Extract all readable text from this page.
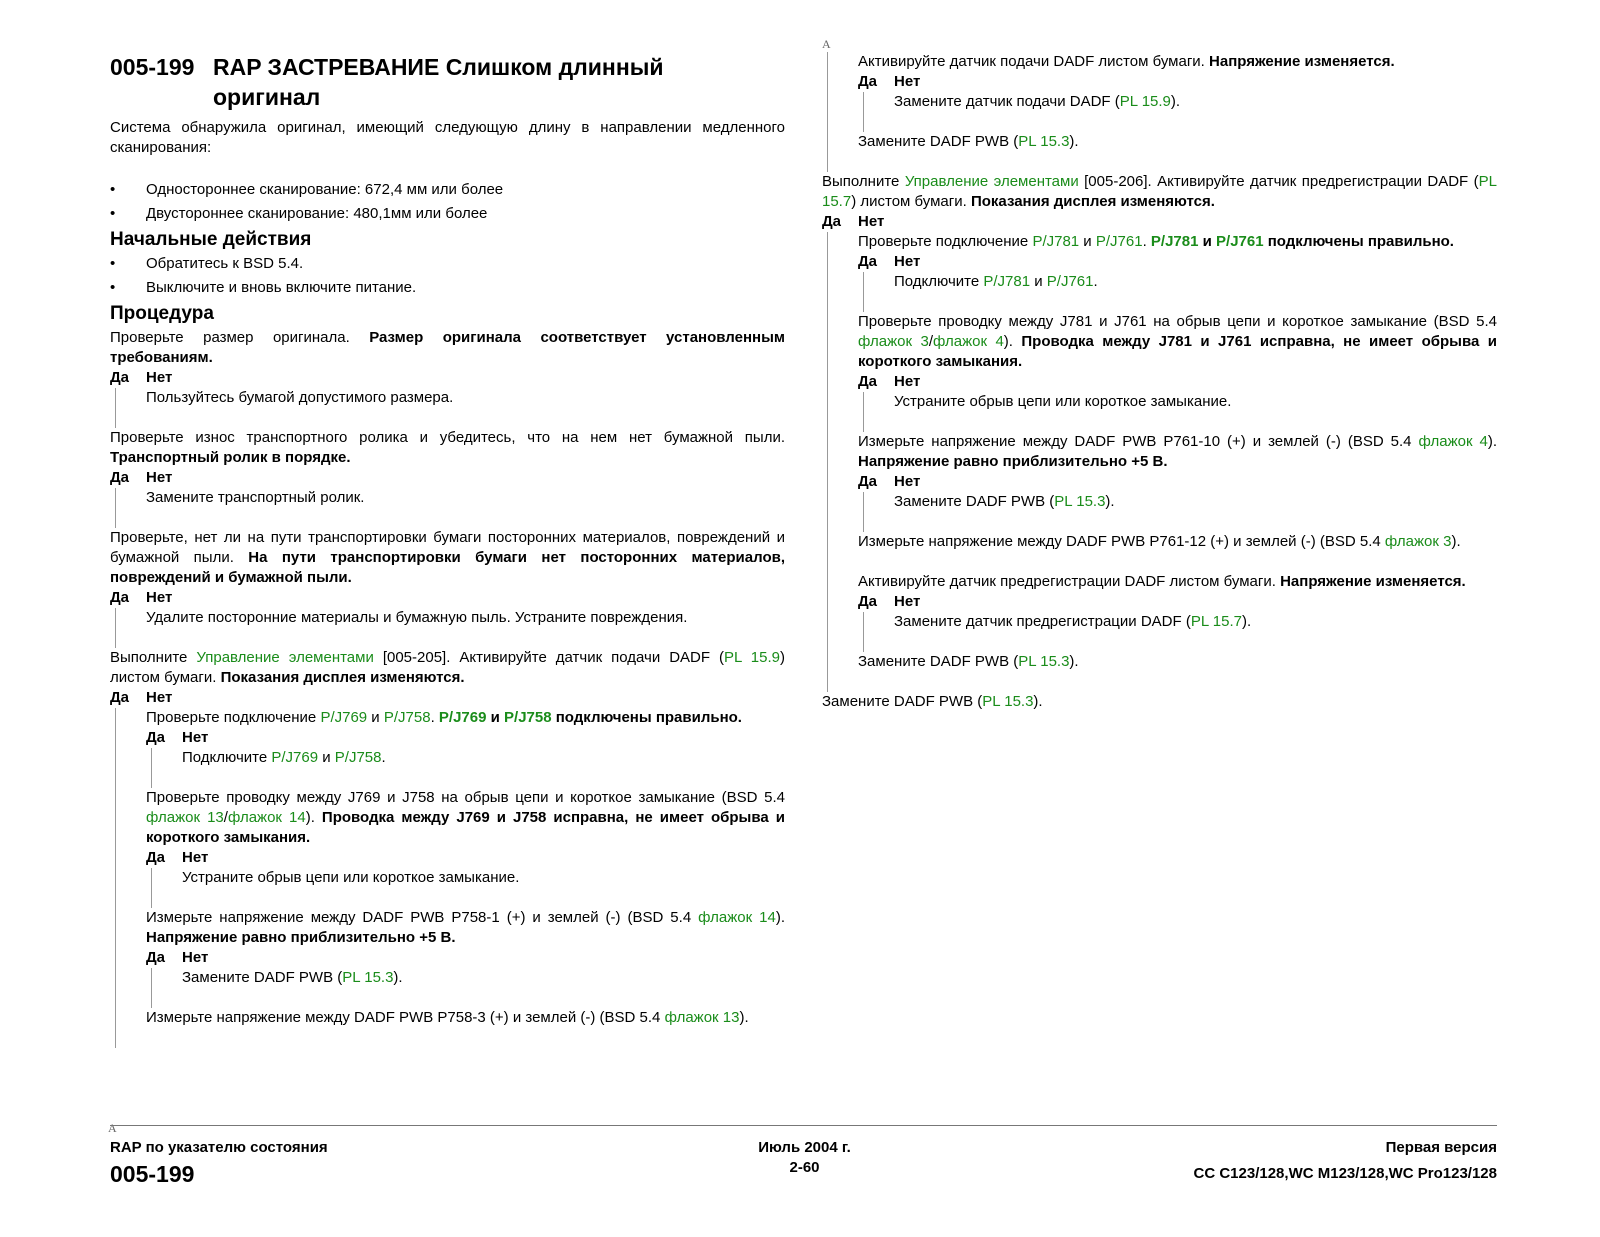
005-199 RAP ЗАСТРЕВАНИЕ Слишком длинный
оригинал

Система обнаружила оригинал, имеющий следующую длину в направлении медленного сканирования:

• Одностороннее сканирование: 672,4 мм или более
• Двустороннее сканирование: 480,1мм или более
Начальные действия
• Обратитесь к BSD 5.4.
• Выключите и вновь включите питание.
Процедура

Проверьте размер оригинала. Размер оригинала соответствует установленным требованиям.

Да Нет
Пользуйтесь бумагой допустимого размера.

Проверьте износ транспортного ролика и убедитесь, что на нем нет бумажной пыли. Транспортный ролик в порядке.

Да Нет
Замените транспортный ролик.

Проверьте, нет ли на пути транспортировки бумаги посторонних материалов, повреждений и бумажной пыли. На пути транспортировки бумаги нет посторонних материалов, повреждений и бумажной пыли.

Да Нет
Удалите посторонние материалы и бумажную пыль. Устраните повреждения.

Выполните Управление элементами [005-205]. Активируйте датчик подачи DADF (PL 15.9) листом бумаги. Показания дисплея изменяются.

Да Нет

Проверьте подключение P/J769 и P/J758. P/J769 и P/J758 подключены правильно.

Да Нет
Подключите P/J769 и P/J758.

Проверьте проводку между J769 и J758 на обрыв цепи и короткое замыкание (BSD 5.4 флажок 13/флажок 14). Проводка между J769 и J758 исправна, не имеет обрыва и короткого замыкания.

Да Нет
Устраните обрыв цепи или короткое замыкание.

Измерьте напряжение между DADF PWB P758-1 (+) и землей (-) (BSD 5.4 флажок 14). Напряжение равно приблизительно +5 В.

Да Нет
Замените DADF PWB (PL 15.3).

Измерьте напряжение между DADF PWB P758-3 (+) и землей (-) (BSD 5.4 флажок 13).

A
A

Активируйте датчик подачи DADF листом бумаги. Напряжение изменяется.

Да Нет
Замените датчик подачи DADF (PL 15.9).
Замените DADF PWB (PL 15.3).

Выполните Управление элементами [005-206]. Активируйте датчик предрегистрации DADF (PL 15.7) листом бумаги. Показания дисплея изменяются.

Да Нет

Проверьте подключение P/J781 и P/J761. P/J781 и P/J761 подключены правильно.

Да Нет
Подключите P/J781 и P/J761.

Проверьте проводку между J781 и J761 на обрыв цепи и короткое замыкание (BSD 5.4 флажок 3/флажок 4). Проводка между J781 и J761 исправна, не имеет обрыва и короткого замыкания.

Да Нет
Устраните обрыв цепи или короткое замыкание.

Измерьте напряжение между DADF PWB P761-10 (+) и землей (-) (BSD 5.4 флажок 4). Напряжение равно приблизительно +5 В.

Да Нет
Замените DADF PWB (PL 15.3).

Измерьте напряжение между DADF PWB P761-12 (+) и землей (-) (BSD 5.4 флажок 3).

Активируйте датчик предрегистрации DADF листом бумаги. Напряжение изменяется.

Да Нет
Замените датчик предрегистрации DADF (PL 15.7).
Замените DADF PWB (PL 15.3).
Замените DADF PWB (PL 15.3).
Июль 2004 г.
2-60
RAP по указателю состояния
005-199
Первая версия
CC C123/128,WC M123/128,WC Pro123/128
